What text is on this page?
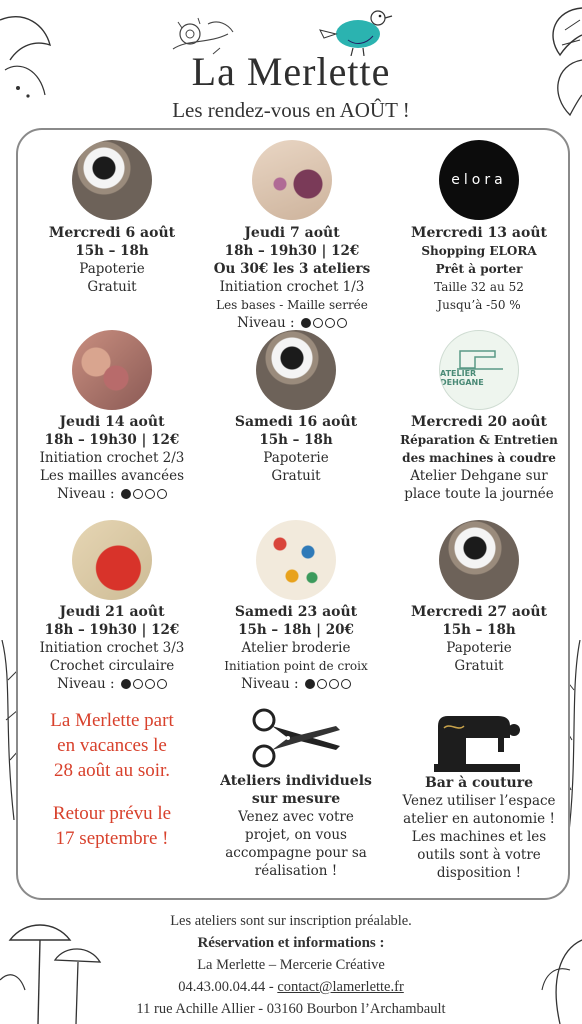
La Merlette
Les rendez-vous en AOÛT !
Mercredi 6 août
15h – 18h
Papoterie
Gratuit
Jeudi 7 août
18h – 19h30 | 12€
Ou 30€ les 3 ateliers
Initiation crochet 1/3
Les bases - Maille serrée
Niveau :
elora
Mercredi 13 août
Shopping ELORA
Prêt à porter
Taille 32 au 52
Jusqu’à -50 %
Jeudi 14 août
18h – 19h30 | 12€
Initiation crochet 2/3
Les mailles avancées
Niveau :
Samedi 16 août
15h – 18h
Papoterie
Gratuit
ATELIER DEHGANE
Mercredi 20 août
Réparation & Entretien
des machines à coudre
Atelier Dehgane sur
place toute la journée
Jeudi 21 août
18h – 19h30 | 12€
Initiation crochet 3/3
Crochet circulaire
Niveau :
Samedi 23 août
15h – 18h | 20€
Atelier broderie
Initiation point de croix
Niveau :
Mercredi 27 août
15h – 18h
Papoterie
Gratuit
La Merlette part
en vacances le
28 août au soir.
Retour prévu le
17 septembre !
Ateliers individuels
sur mesure
Venez avec votre
projet, on vous
accompagne pour sa
réalisation !
Bar à couture
Venez utiliser l’espace
atelier en autonomie !
Les machines et les
outils sont à votre
disposition !
Les ateliers sont sur inscription préalable.
Réservation et informations :
La Merlette – Mercerie Créative
04.43.00.04.44 - contact@lamerlette.fr
11 rue Achille Allier - 03160 Bourbon l’Archambault
